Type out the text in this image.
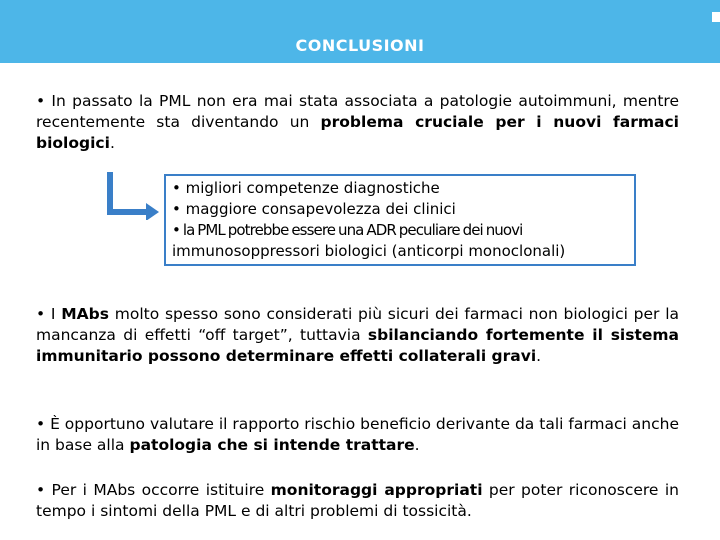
CONCLUSIONI
• In passato la PML non era mai stata associata a patologie autoimmuni, mentre recentemente sta diventando un problema cruciale per i nuovi farmaci biologici.
• migliori competenze diagnostiche
• maggiore consapevolezza dei clinici
• la PML potrebbe essere una ADR peculiare dei nuovi
immunosoppressori biologici (anticorpi monoclonali)
• I MAbs molto spesso sono considerati più sicuri dei farmaci non biologici per la mancanza di effetti “off target”, tuttavia sbilanciando fortemente il sistema immunitario possono determinare effetti collaterali gravi.
• È opportuno valutare il rapporto rischio beneficio derivante da tali farmaci anche in base alla patologia che si intende trattare.
• Per i MAbs occorre istituire monitoraggi appropriati per poter riconoscere in tempo i sintomi della PML e di altri problemi di tossicità.
